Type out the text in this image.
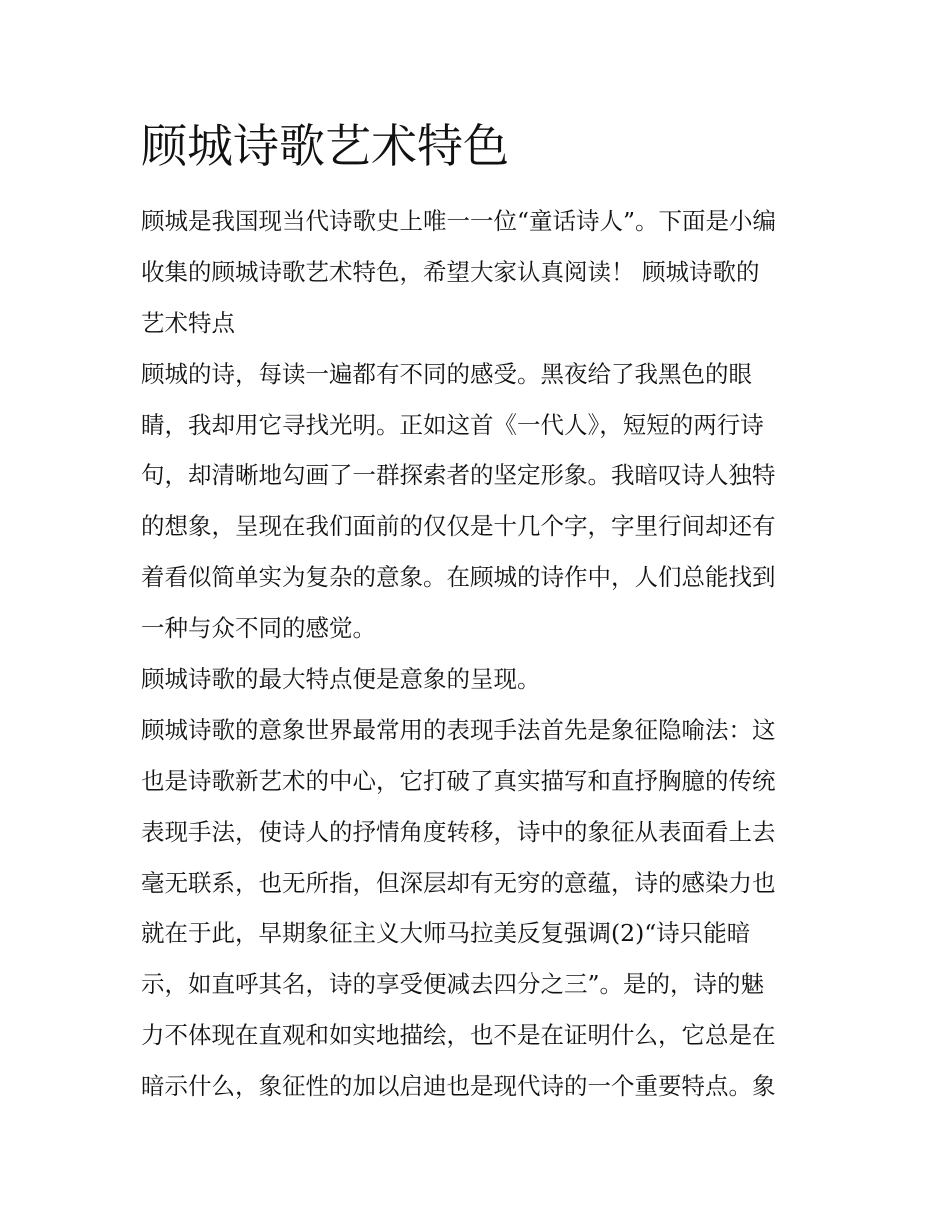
顾城诗歌艺术特色
顾城是我国现当代诗歌史上唯一一位“童话诗人”。下面是小编
收集的顾城诗歌艺术特色，希望大家认真阅读！ 顾城诗歌的
艺术特点
顾城的诗，每读一遍都有不同的感受。黑夜给了我黑色的眼
睛，我却用它寻找光明。正如这首《一代人》，短短的两行诗
句，却清晰地勾画了一群探索者的坚定形象。我暗叹诗人独特
的想象，呈现在我们面前的仅仅是十几个字，字里行间却还有
着看似简单实为复杂的意象。在顾城的诗作中，人们总能找到
一种与众不同的感觉。
顾城诗歌的最大特点便是意象的呈现。
顾城诗歌的意象世界最常用的表现手法首先是象征隐喻法：这
也是诗歌新艺术的中心，它打破了真实描写和直抒胸臆的传统
表现手法，使诗人的抒情角度转移，诗中的象征从表面看上去
毫无联系，也无所指，但深层却有无穷的意蕴，诗的感染力也
就在于此，早期象征主义大师马拉美反复强调(2)“诗只能暗
示，如直呼其名，诗的享受便减去四分之三”。是的，诗的魅
力不体现在直观和如实地描绘，也不是在证明什么，它总是在
暗示什么，象征性的加以启迪也是现代诗的一个重要特点。象
